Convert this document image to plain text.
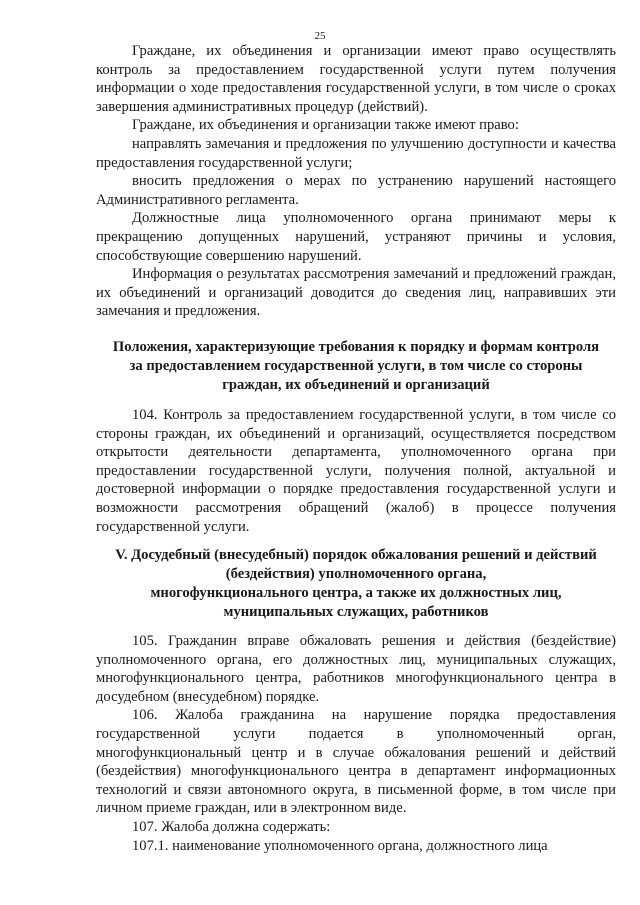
25

Граждане, их объединения и организации имеют право осуществлять контроль за предоставлением государственной услуги путем получения информации о ходе предоставления государственной услуги, в том числе о сроках завершения административных процедур (действий).

Граждане, их объединения и организации также имеют право:

направлять замечания и предложения по улучшению доступности и качества предоставления государственной услуги;

вносить предложения о мерах по устранению нарушений настоящего Административного регламента.

Должностные лица уполномоченного органа принимают меры к прекращению допущенных нарушений, устраняют причины и условия, способствующие совершению нарушений.

Информация о результатах рассмотрения замечаний и предложений граждан, их объединений и организаций доводится до сведения лиц, направивших эти замечания и предложения.

Положения, характеризующие требования к порядку и формам контроля
за предоставлением государственной услуги, в том числе со стороны
граждан, их объединений и организаций

104. Контроль за предоставлением государственной услуги, в том числе со стороны граждан, их объединений и организаций, осуществляется посредством открытости деятельности департамента, уполномоченного органа при предоставлении государственной услуги, получения полной, актуальной и достоверной информации о порядке предоставления государственной услуги и возможности рассмотрения обращений (жалоб) в процессе получения государственной услуги.

V. Досудебный (внесудебный) порядок обжалования решений и действий
(бездействия) уполномоченного органа,
многофункционального центра, а также их должностных лиц,
муниципальных служащих, работников

105. Гражданин вправе обжаловать решения и действия (бездействие) уполномоченного органа, его должностных лиц, муниципальных служащих, многофункционального центра, работников многофункционального центра в досудебном (внесудебном) порядке.

106. Жалоба гражданина на нарушение порядка предоставления государственной услуги подается в уполномоченный орган, многофункциональный центр и в случае обжалования решений и действий (бездействия) многофункционального центра в департамент информационных технологий и связи автономного округа, в письменной форме, в том числе при личном приеме граждан, или в электронном виде.

107. Жалоба должна содержать:

107.1. наименование уполномоченного органа, должностного лица
